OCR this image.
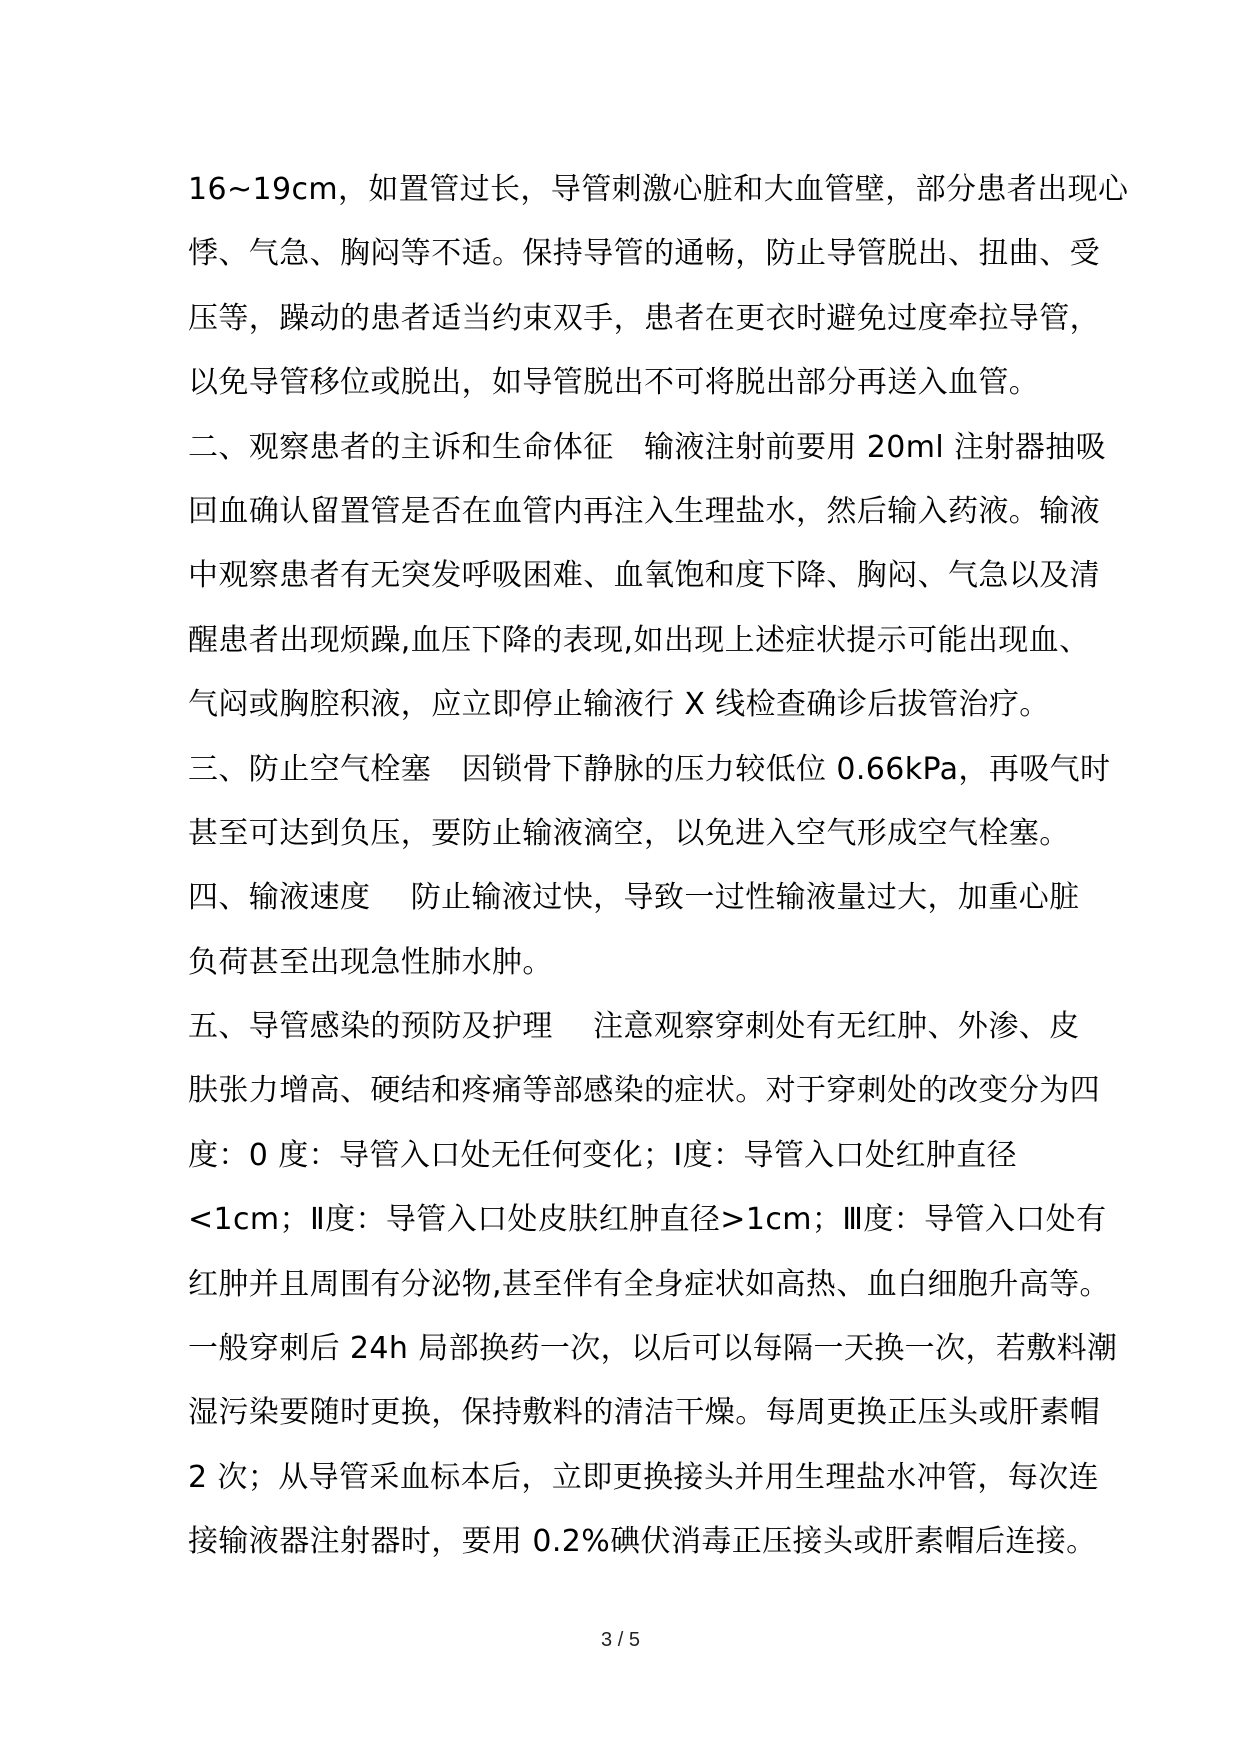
16~19cm，如置管过长，导管刺激心脏和大血管壁，部分患者出现心
悸、气急、胸闷等不适。保持导管的通畅，防止导管脱出、扭曲、受
压等，躁动的患者适当约束双手，患者在更衣时避免过度牵拉导管，
以免导管移位或脱出，如导管脱出不可将脱出部分再送入血管。
二、观察患者的主诉和生命体征　输液注射前要用 20ml 注射器抽吸
回血确认留置管是否在血管内再注入生理盐水，然后输入药液。输液
中观察患者有无突发呼吸困难、血氧饱和度下降、胸闷、气急以及清
醒患者出现烦躁,血压下降的表现,如出现上述症状提示可能出现血、
气闷或胸腔积液，应立即停止输液行 X 线检查确诊后拔管治疗。
三、防止空气栓塞　因锁骨下静脉的压力较低位 0.66kPa，再吸气时
甚至可达到负压，要防止输液滴空，以免进入空气形成空气栓塞。
四、输液速度　 防止输液过快，导致一过性输液量过大，加重心脏
负荷甚至出现急性肺水肿。
五、导管感染的预防及护理　 注意观察穿刺处有无红肿、外渗、皮
肤张力增高、硬结和疼痛等部感染的症状。对于穿刺处的改变分为四
度：0 度：导管入口处无任何变化；Ⅰ度：导管入口处红肿直径
<1cm；Ⅱ度：导管入口处皮肤红肿直径>1cm；Ⅲ度：导管入口处有
红肿并且周围有分泌物,甚至伴有全身症状如高热、血白细胞升高等。
一般穿刺后 24h 局部换药一次，以后可以每隔一天换一次，若敷料潮
湿污染要随时更换，保持敷料的清洁干燥。每周更换正压头或肝素帽
2 次；从导管采血标本后，立即更换接头并用生理盐水冲管，每次连
接输液器注射器时，要用 0.2%碘伏消毒正压接头或肝素帽后连接。
3 / 5
